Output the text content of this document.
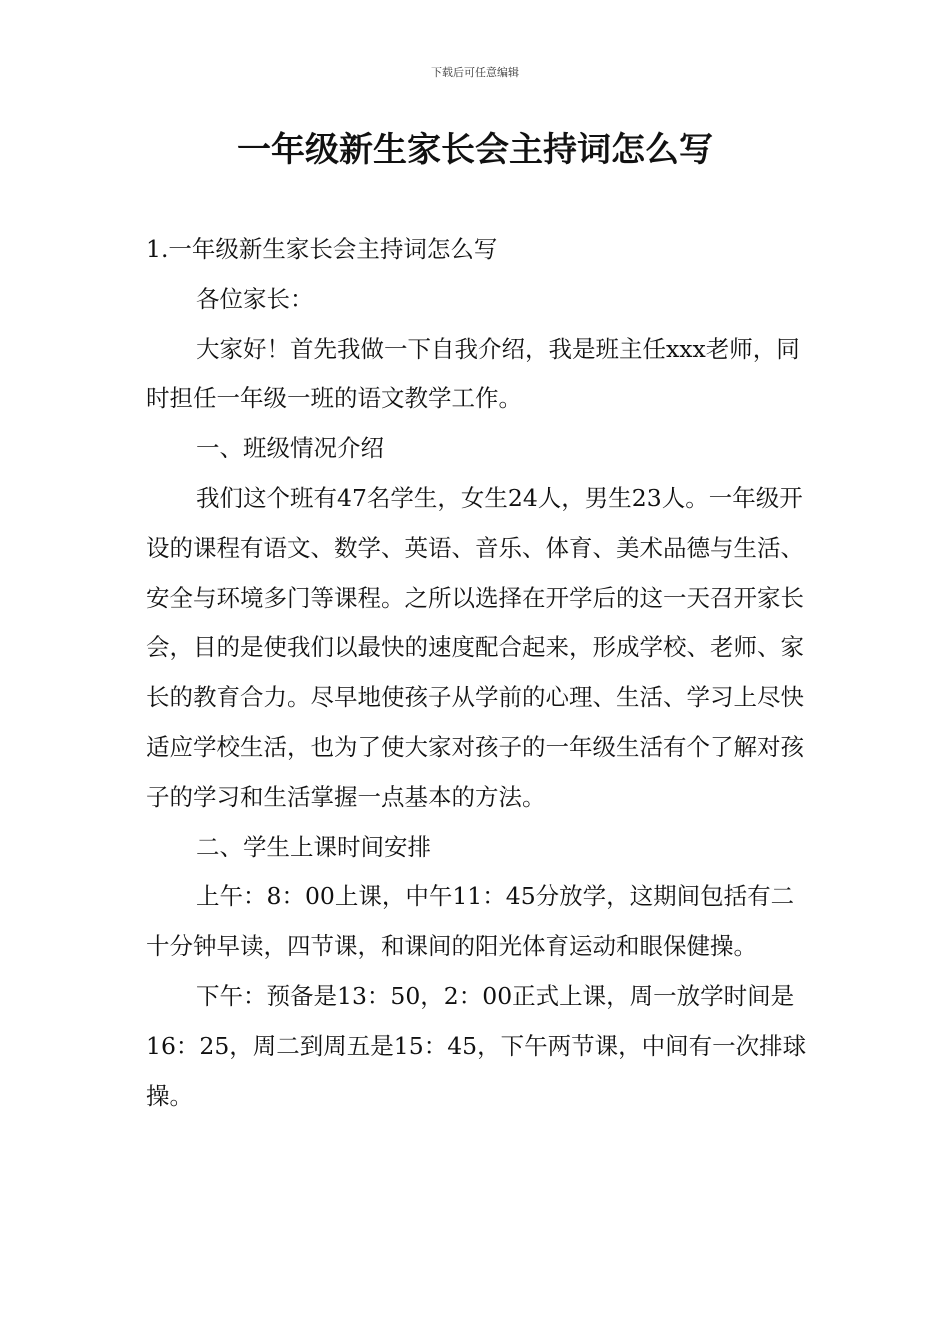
下载后可任意编辑
一年级新生家长会主持词怎么写

1.一年级新生家长会主持词怎么写

各位家长：

大家好！首先我做一下自我介绍，我是班主任xxx老师，同时担任一年级一班的语文教学工作。

一、班级情况介绍

我们这个班有47名学生，女生24人，男生23人。一年级开设的课程有语文、数学、英语、音乐、体育、美术品德与生活、安全与环境多门等课程。之所以选择在开学后的这一天召开家长会，目的是使我们以最快的速度配合起来，形成学校、老师、家长的教育合力。尽早地使孩子从学前的心理、生活、学习上尽快适应学校生活，也为了使大家对孩子的一年级生活有个了解对孩子的学习和生活掌握一点基本的方法。

二、学生上课时间安排

上午：8：00上课，中午11：45分放学，这期间包括有二十分钟早读，四节课，和课间的阳光体育运动和眼保健操。

下午：预备是13：50，2：00正式上课，周一放学时间是16：25，周二到周五是15：45，下午两节课，中间有一次排球操。
